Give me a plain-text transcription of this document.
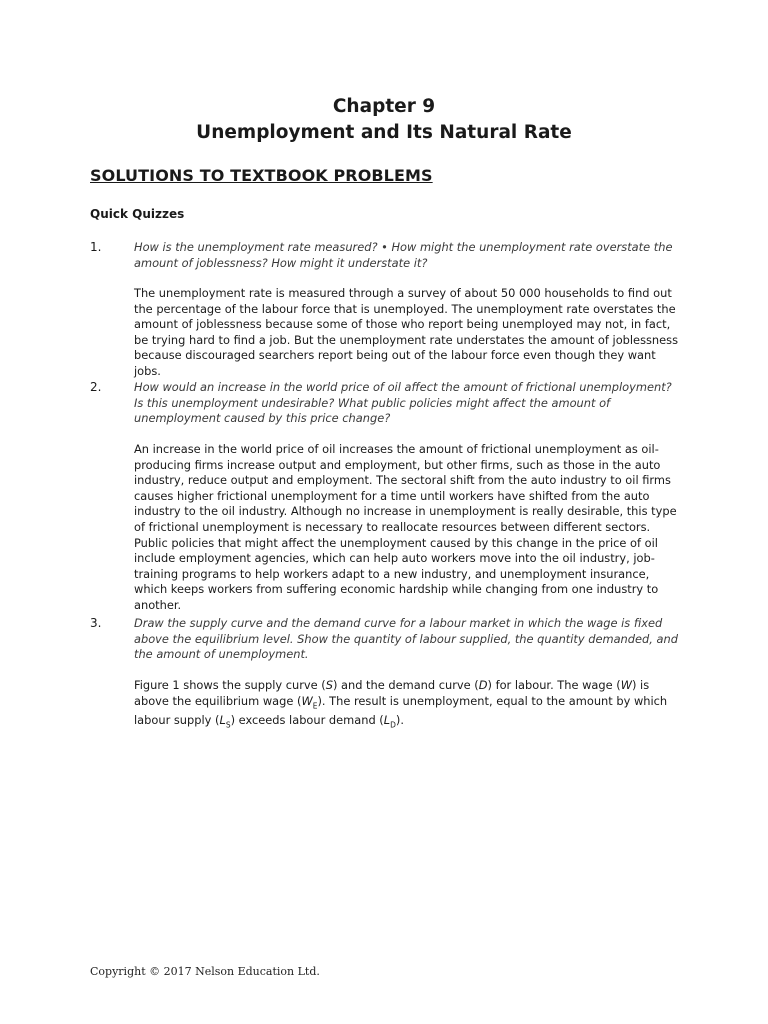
Chapter 9
Unemployment and Its Natural Rate
SOLUTIONS TO TEXTBOOK PROBLEMS
Quick Quizzes
1.	How is the unemployment rate measured? • How might the unemployment rate overstate the amount of joblessness? How might it understate it?
The unemployment rate is measured through a survey of about 50 000 households to find out the percentage of the labour force that is unemployed. The unemployment rate overstates the amount of joblessness because some of those who report being unemployed may not, in fact, be trying hard to find a job. But the unemployment rate understates the amount of joblessness because discouraged searchers report being out of the labour force even though they want jobs.
2.	How would an increase in the world price of oil affect the amount of frictional unemployment? Is this unemployment undesirable? What public policies might affect the amount of unemployment caused by this price change?
An increase in the world price of oil increases the amount of frictional unemployment as oil-producing firms increase output and employment, but other firms, such as those in the auto industry, reduce output and employment. The sectoral shift from the auto industry to oil firms causes higher frictional unemployment for a time until workers have shifted from the auto industry to the oil industry. Although no increase in unemployment is really desirable, this type of frictional unemployment is necessary to reallocate resources between different sectors. Public policies that might affect the unemployment caused by this change in the price of oil include employment agencies, which can help auto workers move into the oil industry, job-training programs to help workers adapt to a new industry, and unemployment insurance, which keeps workers from suffering economic hardship while changing from one industry to another.
3.	Draw the supply curve and the demand curve for a labour market in which the wage is fixed above the equilibrium level. Show the quantity of labour supplied, the quantity demanded, and the amount of unemployment.
Figure 1 shows the supply curve (S) and the demand curve (D) for labour. The wage (W) is above the equilibrium wage $(W_E)$. The result is unemployment, equal to the amount by which labour supply $(L_S)$ exceeds labour demand $(L_D)$.
Copyright © 2017 Nelson Education Ltd.
